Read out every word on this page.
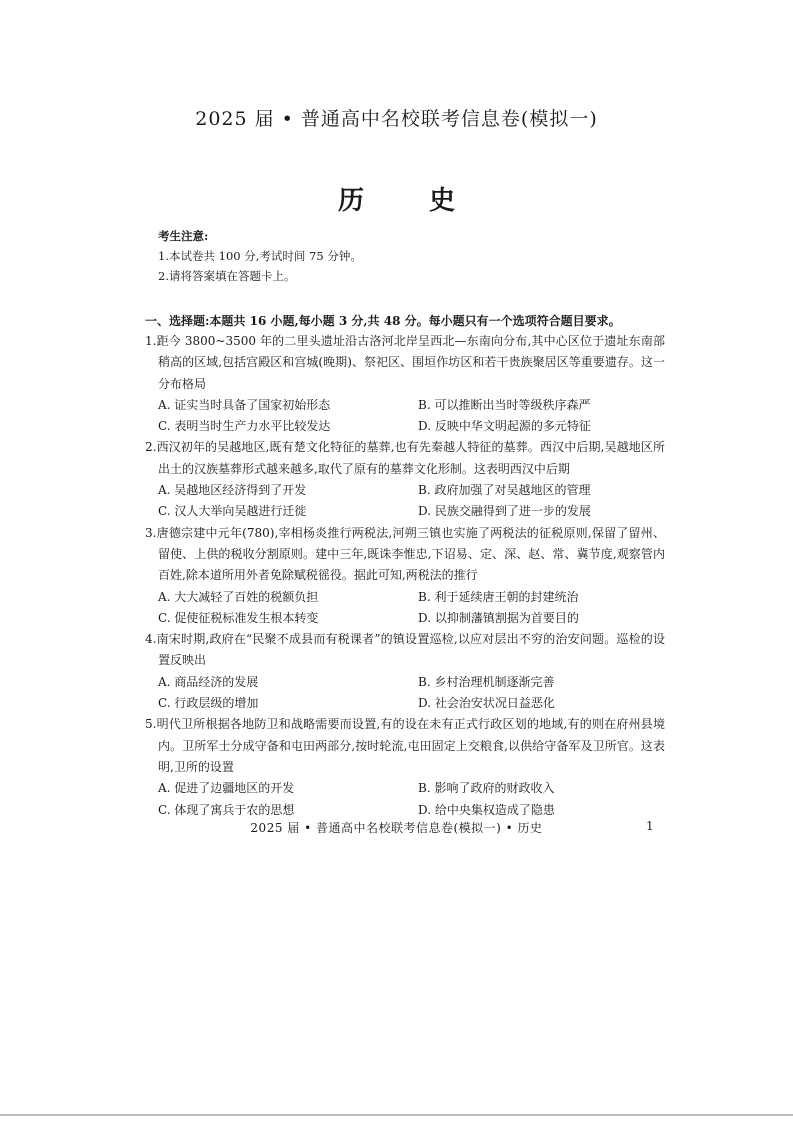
2025 届 • 普通高中名校联考信息卷(模拟一)
历 史
考生注意:
1.本试卷共 100 分,考试时间 75 分钟。
2.请将答案填在答题卡上。
一、选择题:本题共 16 小题,每小题 3 分,共 48 分。每小题只有一个选项符合题目要求。
1.距今 3800~3500 年的二里头遗址沿古洛河北岸呈西北—东南向分布,其中心区位于遗址东南部稍高的区域,包括宫殿区和宫城(晚期)、祭祀区、围垣作坊区和若干贵族聚居区等重要遗存。这一分布格局
A. 证实当时具备了国家初始形态	B. 可以推断出当时等级秩序森严
C. 表明当时生产力水平比较发达	D. 反映中华文明起源的多元特征
2.西汉初年的吴越地区,既有楚文化特征的墓葬,也有先秦越人特征的墓葬。西汉中后期,吴越地区所出土的汉族墓葬形式越来越多,取代了原有的墓葬文化形制。这表明西汉中后期
A. 吴越地区经济得到了开发	B. 政府加强了对吴越地区的管理
C. 汉人大举向吴越进行迁徙	D. 民族交融得到了进一步的发展
3.唐德宗建中元年(780),宰相杨炎推行两税法,河朔三镇也实施了两税法的征税原则,保留了留州、留使、上供的税收分割原则。建中三年,既诛李惟忠,下诏易、定、深、赵、常、冀节度,观察管内百姓,除本道所用外者免除赋税徭役。据此可知,两税法的推行
A. 大大减轻了百姓的税额负担	B. 利于延续唐王朝的封建统治
C. 促使征税标准发生根本转变	D. 以抑制藩镇割据为首要目的
4.南宋时期,政府在“民聚不成县而有税课者”的镇设置巡检,以应对层出不穷的治安问题。巡检的设置反映出
A. 商品经济的发展	B. 乡村治理机制逐渐完善
C. 行政层级的增加	D. 社会治安状况日益恶化
5.明代卫所根据各地防卫和战略需要而设置,有的设在未有正式行政区划的地域,有的则在府州县境内。卫所军士分成守备和屯田两部分,按时轮流,屯田固定上交粮食,以供给守备军及卫所官。这表明,卫所的设置
A. 促进了边疆地区的开发	B. 影响了政府的财政收入
C. 体现了寓兵于农的思想	D. 给中央集权造成了隐患
2025 届 • 普通高中名校联考信息卷(模拟一) • 历史	1
